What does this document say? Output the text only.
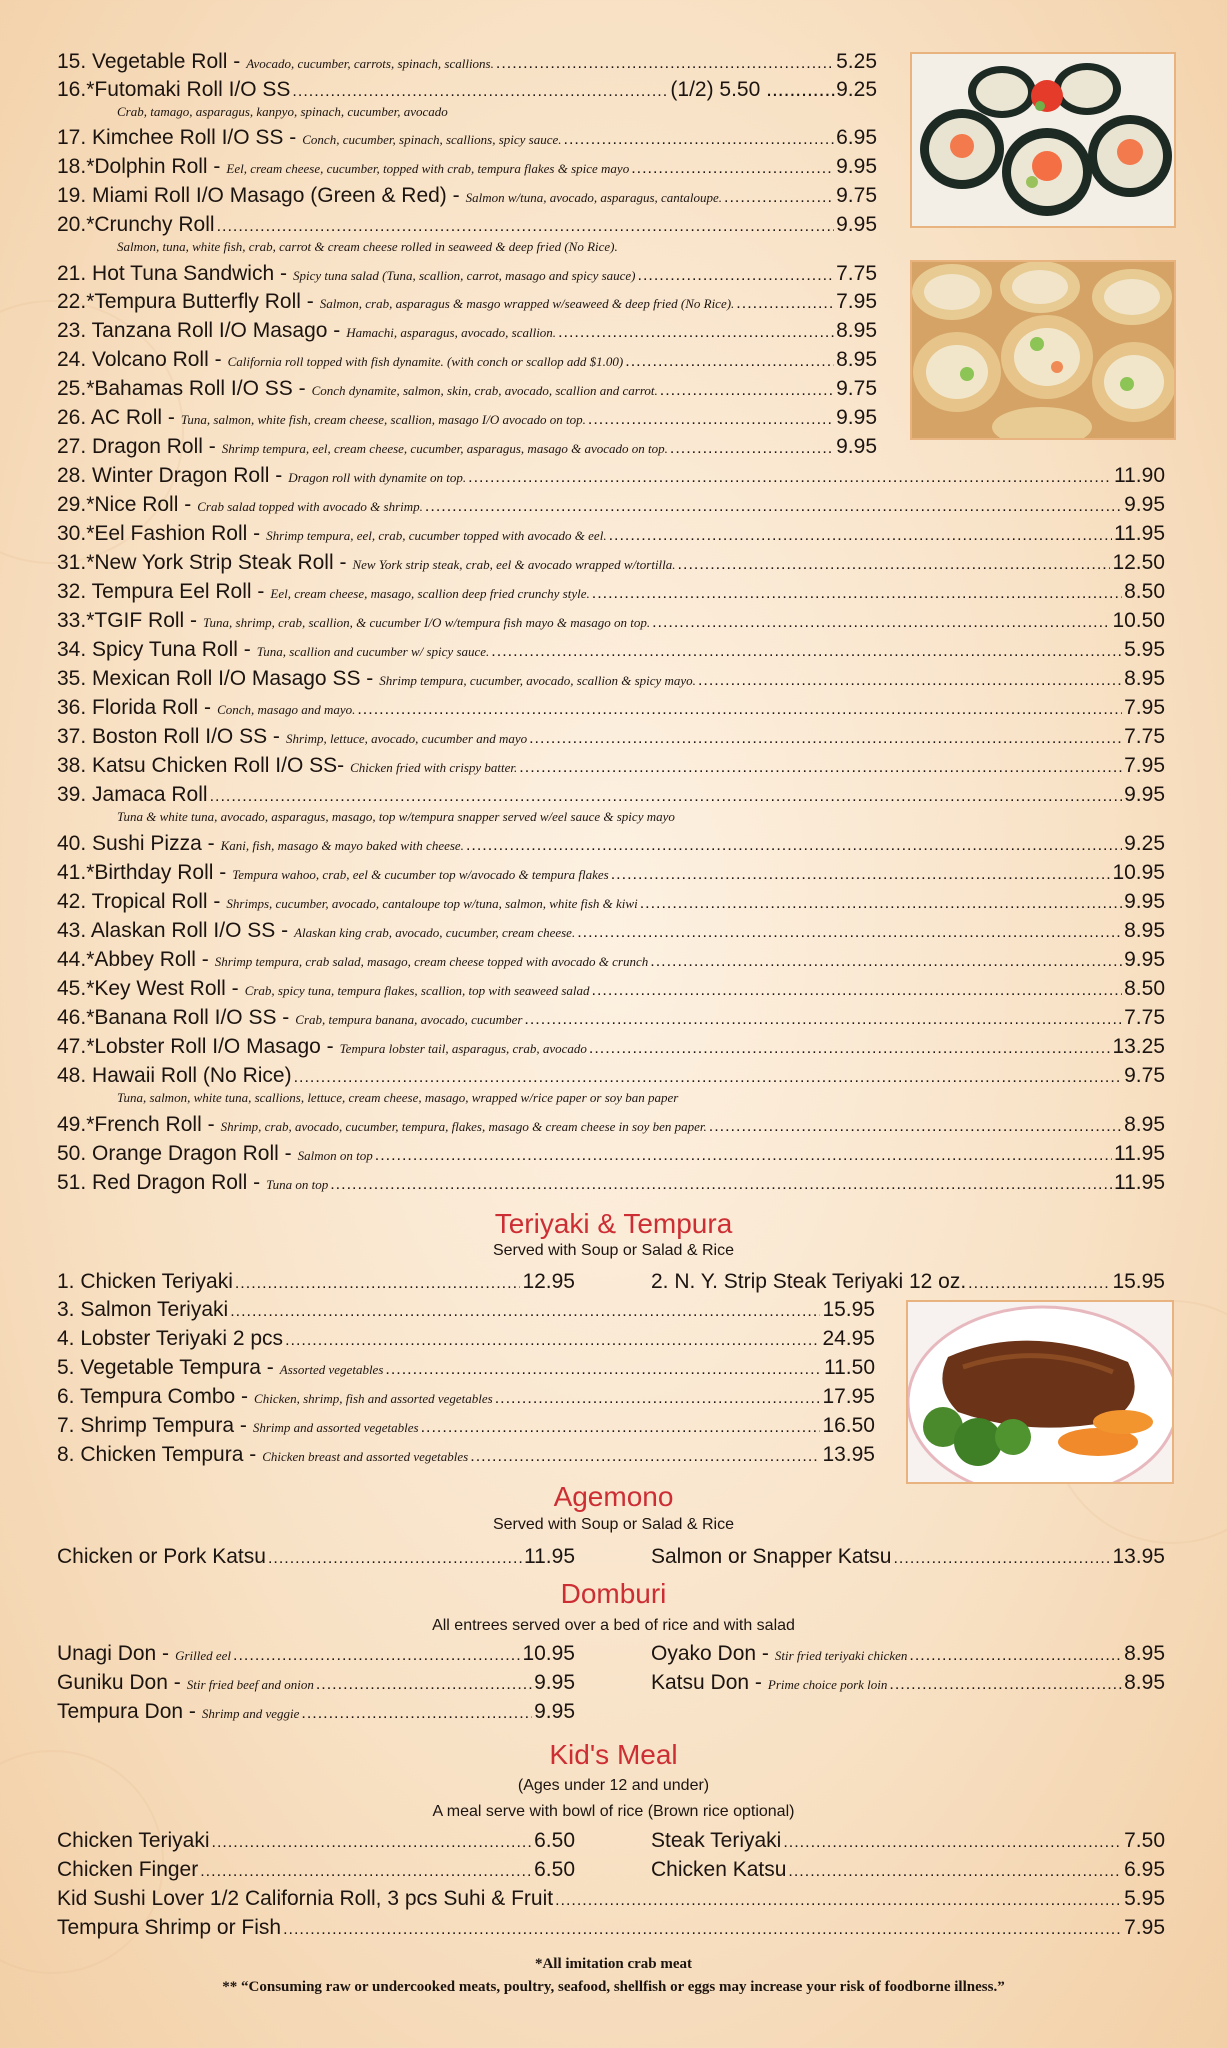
15. Vegetable Roll - Avocado, cucumber, carrots, spinach, scallions. .....	5.25
16.*Futomaki Roll I/O SS .....	(1/2) 5.50 ............9.25
Crab, tamago, asparagus, kanpyo, spinach, cucumber, avocado
17. Kimchee Roll I/O SS - Conch, cucumber, spinach, scallions, spicy sauce. .....	6.95
18.*Dolphin Roll - Eel, cream cheese, cucumber, topped with crab, tempura flakes & spice mayo .....	9.95
19. Miami Roll I/O Masago (Green & Red) - Salmon w/tuna, avocado, asparagus, cantaloupe. .....	9.75
20.*Crunchy Roll .....	9.95
Salmon, tuna, white fish, crab, carrot & cream cheese rolled in seaweed & deep fried (No Rice).
21. Hot Tuna Sandwich - Spicy tuna salad (Tuna, scallion, carrot, masago and spicy sauce) .....	7.75
22.*Tempura Butterfly Roll - Salmon, crab, asparagus & masgo wrapped w/seaweed & deep fried (No Rice). .....	7.95
23. Tanzana Roll I/O Masago - Hamachi, asparagus, avocado, scallion. .....	8.95
24. Volcano Roll - California roll topped with fish dynamite. (with conch or scallop add $1.00) .....	8.95
25.*Bahamas Roll I/O SS - Conch dynamite, salmon, skin, crab, avocado, scallion and carrot. .....	9.75
26. AC Roll - Tuna, salmon, white fish, cream cheese, scallion, masago I/O avocado on top. .....	9.95
27. Dragon Roll - Shrimp tempura, eel, cream cheese, cucumber, asparagus, masago & avocado on top. .....	9.95
28. Winter Dragon Roll - Dragon roll with dynamite on top. .....	11.90
29.*Nice Roll - Crab salad topped with avocado & shrimp. .....	9.95
30.*Eel Fashion Roll - Shrimp tempura, eel, crab, cucumber topped with avocado & eel. .....	11.95
31.*New York Strip Steak Roll - New York strip steak, crab, eel & avocado wrapped w/tortilla. .....	12.50
32. Tempura Eel Roll - Eel, cream cheese, masago, scallion deep fried crunchy style. .....	8.50
33.*TGIF Roll - Tuna, shrimp, crab, scallion, & cucumber I/O w/tempura fish mayo & masago on top. .....	10.50
34. Spicy Tuna Roll - Tuna, scallion and cucumber w/ spicy sauce. .....	5.95
35. Mexican Roll I/O Masago SS - Shrimp tempura, cucumber, avocado, scallion & spicy mayo. .....	8.95
36. Florida Roll - Conch, masago and mayo. .....	7.95
37. Boston Roll I/O SS - Shrimp, lettuce, avocado, cucumber and mayo .....	7.75
38. Katsu Chicken Roll I/O SS- Chicken fried with crispy batter. .....	7.95
39. Jamaca Roll .....	9.95
Tuna & white tuna, avocado, asparagus, masago, top w/tempura snapper served w/eel sauce & spicy mayo
40. Sushi Pizza - Kani, fish, masago & mayo baked with cheese. .....	9.25
41.*Birthday Roll - Tempura wahoo, crab, eel & cucumber top w/avocado & tempura flakes .....	10.95
42. Tropical Roll - Shrimps, cucumber, avocado, cantaloupe top w/tuna, salmon, white fish & kiwi .....	9.95
43. Alaskan Roll I/O SS - Alaskan king crab, avocado, cucumber, cream cheese. .....	8.95
44.*Abbey Roll - Shrimp tempura, crab salad, masago, cream cheese topped with avocado & crunch .....	9.95
45.*Key West Roll - Crab, spicy tuna, tempura flakes, scallion, top with seaweed salad .....	8.50
46.*Banana Roll I/O SS - Crab, tempura banana, avocado, cucumber .....	7.75
47.*Lobster Roll I/O Masago - Tempura lobster tail, asparagus, crab, avocado .....	13.25
48. Hawaii Roll (No Rice) .....	9.75
Tuna, salmon, white tuna, scallions, lettuce, cream cheese, masago, wrapped w/rice paper or soy ban paper
49.*French Roll - Shrimp, crab, avocado, cucumber, tempura, flakes, masago & cream cheese in soy ben paper. .....	8.95
50. Orange Dragon Roll - Salmon on top .....	11.95
51. Red Dragon Roll - Tuna on top .....	11.95
Teriyaki & Tempura
Served with Soup or Salad & Rice
1. Chicken Teriyaki .....	12.95	2. N. Y. Strip Steak Teriyaki 12 oz. .....	15.95
3. Salmon Teriyaki .....	15.95
4. Lobster Teriyaki 2 pcs .....	24.95
5. Vegetable Tempura - Assorted vegetables .....	11.50
6. Tempura Combo - Chicken, shrimp, fish and assorted vegetables .....	17.95
7. Shrimp Tempura - Shrimp and assorted vegetables .....	16.50
8. Chicken Tempura - Chicken breast and assorted vegetables .....	13.95
Agemono
Served with Soup or Salad & Rice
Chicken or Pork Katsu .....	11.95	Salmon or Snapper Katsu .....	13.95
Domburi
All entrees served over a bed of rice and with salad
Unagi Don - Grilled eel .....	10.95	Oyako Don - Stir fried teriyaki chicken .....	8.95
Guniku Don - Stir fried beef and onion .....	9.95	Katsu Don - Prime choice pork loin .....	8.95
Tempura Don - Shrimp and veggie .....	9.95
Kid's Meal
(Ages under 12 and under)
A meal serve with bowl of rice (Brown rice optional)
Chicken Teriyaki .....	6.50	Steak Teriyaki .....	7.50
Chicken Finger .....	6.50	Chicken Katsu .....	6.95
Kid Sushi Lover 1/2 California Roll, 3 pcs Suhi & Fruit .....	5.95
Tempura Shrimp or Fish .....	7.95
*All imitation crab meat
** “Consuming raw or undercooked meats, poultry, seafood, shellfish or eggs may increase your risk of foodborne illness.”
